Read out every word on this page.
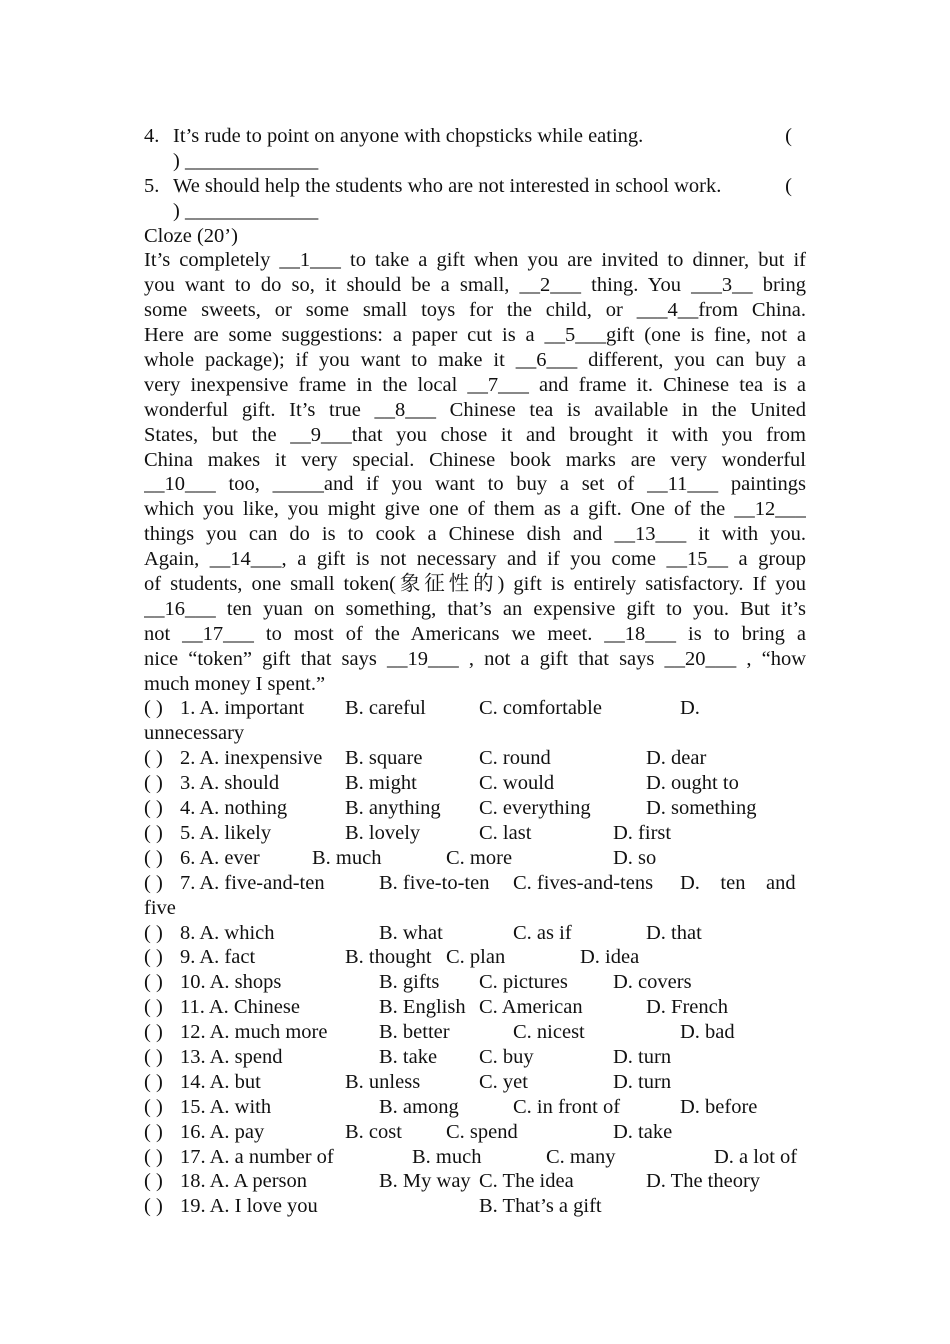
4. It’s rude to point on anyone with chopsticks while eating.	(
) _____________
5. We should help the students who are not interested in school work.	(
) _____________
Cloze (20’)
It’s completely __1___ to take a gift when you are invited to dinner, but if
you want to do so, it should be a small, __2___ thing. You ___3__ bring
some sweets, or some small toys for the child, or ___4__from China.
Here are some suggestions: a paper cut is a __5___gift (one is fine, not a
whole package); if you want to make it __6___ different, you can buy a
very inexpensive frame in the local __7___ and frame it. Chinese tea is a
wonderful gift. It’s true __8___ Chinese tea is available in the United
States, but the __9___that you chose it and brought it with you from
China makes it very special. Chinese book marks are very wonderful
__10___ too, _____and if you want to buy a set of __11___ paintings
which you like, you might give one of them as a gift. One of the __12___
things you can do is to cook a Chinese dish and __13___ it with you.
Again, __14___, a gift is not necessary and if you come __15__ a group
of students, one small token(象征性的) gift is entirely satisfactory. If you
__16___ ten yuan on something, that’s an expensive gift to you. But it’s
not __17___ to most of the Americans we meet. __18___ is to bring a
nice “token” gift that says __19___ , not a gift that says __20___ , “how
much money I spent.”
( ) 1. A. important B. careful	C. comfortable	D.
unnecessary
( ) 2. A. inexpensive B. square	C. round	D. dear
( ) 3. A. should	B. might	C. would	D. ought to
( ) 4. A. nothing	B. anything C. everything	D. something
( ) 5. A. likely	B. lovely	C. last	D. first
( ) 6. A. ever	B. much	C. more	D. so
( ) 7. A. five-and-ten	B. five-to-ten C. fives-and-tens D.    ten    and
five
( ) 8. A. which	B. what	C. as if	D. that
( ) 9. A. fact	B. thought C. plan	D. idea
( ) 10. A. shops	B. gifts C. pictures D. covers
( ) 11. A. Chinese	B. English C. American	D. French
( ) 12. A. much more	B. better	C. nicest	D. bad
( ) 13. A. spend	B. take C. buy	D. turn
( ) 14. A. but	B. unless	C. yet	D. turn
( ) 15. A. with	B. among	C. in front of	D. before
( ) 16. A. pay	B. cost C. spend	D. take
( ) 17. A. a number of	B. much	C. many	D. a lot of
( ) 18. A. A person	B. My way C. The idea	D. The theory
( ) 19. A. I love you	B. That’s a gift
